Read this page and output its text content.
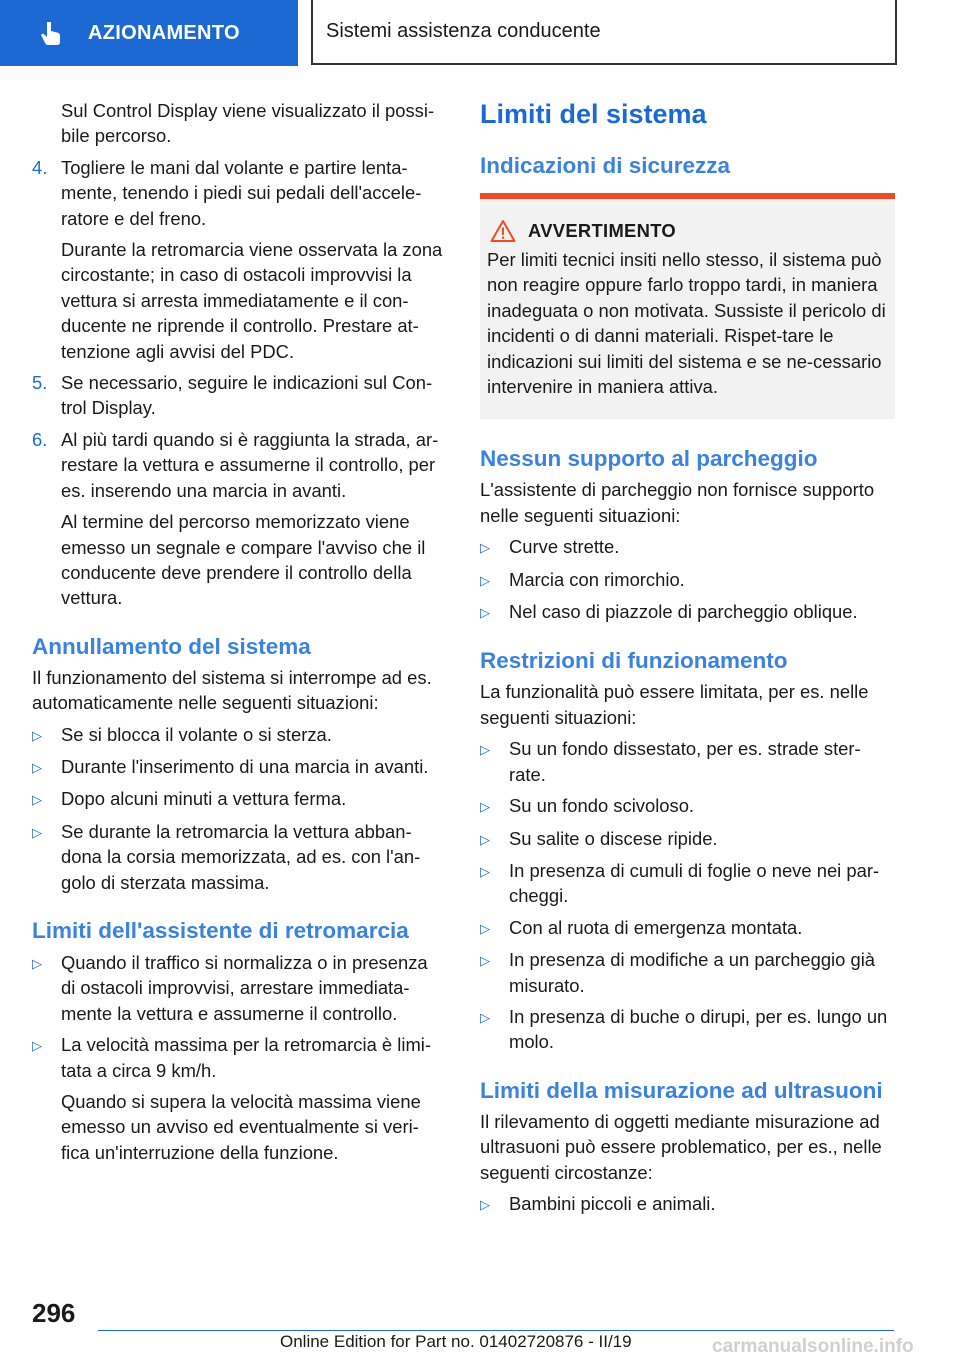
AZIONAMENTO	Sistemi assistenza conducente

Sul Control Display viene visualizzato il possi-bile percorso.

4. Togliere le mani dal volante e partire lenta-mente, tenendo i piedi sui pedali dell'accele-ratore e del freno.

Durante la retromarcia viene osservata la zona circostante; in caso di ostacoli improvvisi la vettura si arresta immediatamente e il con-ducente ne riprende il controllo. Prestare at-tenzione agli avvisi del PDC.

5. Se necessario, seguire le indicazioni sul Con-trol Display.
6. Al più tardi quando si è raggiunta la strada, ar-restare la vettura e assumerne il controllo, per es. inserendo una marcia in avanti.

Al termine del percorso memorizzato viene emesso un segnale e compare l'avviso che il conducente deve prendere il controllo della vettura.

Annullamento del sistema

Il funzionamento del sistema si interrompe ad es. automaticamente nelle seguenti situazioni:

▷	Se si blocca il volante o si sterza.
▷	Durante l'inserimento di una marcia in avanti.
▷	Dopo alcuni minuti a vettura ferma.
▷	Se durante la retromarcia la vettura abban-dona la corsia memorizzata, ad es. con l'an-golo di sterzata massima.
Limiti dell'assistente di retromarcia
▷	Quando il traffico si normalizza o in presenza di ostacoli improvvisi, arrestare immediata-mente la vettura e assumerne il controllo.
▷	La velocità massima per la retromarcia è limi-tata a circa 9 km/h.

Quando si supera la velocità massima viene emesso un avviso ed eventualmente si veri-fica un'interruzione della funzione.

Limiti del sistema
Indicazioni di sicurezza
AVVERTIMENTO

Per limiti tecnici insiti nello stesso, il sistema può non reagire oppure farlo troppo tardi, in maniera inadeguata o non motivata. Sussiste il pericolo di incidenti o di danni materiali. Rispet-tare le indicazioni sui limiti del sistema e se ne-cessario intervenire in maniera attiva.

Nessun supporto al parcheggio

L'assistente di parcheggio non fornisce supporto nelle seguenti situazioni:

▷	Curve strette.
▷	Marcia con rimorchio.
▷	Nel caso di piazzole di parcheggio oblique.
Restrizioni di funzionamento

La funzionalità può essere limitata, per es. nelle seguenti situazioni:

▷	Su un fondo dissestato, per es. strade ster-rate.
▷	Su un fondo scivoloso.
▷	Su salite o discese ripide.
▷	In presenza di cumuli di foglie o neve nei par-cheggi.
▷	Con al ruota di emergenza montata.
▷	In presenza di modifiche a un parcheggio già misurato.
▷	In presenza di buche o dirupi, per es. lungo un molo.
Limiti della misurazione ad ultrasuoni

Il rilevamento di oggetti mediante misurazione ad ultrasuoni può essere problematico, per es., nelle seguenti circostanze:

▷	Bambini piccoli e animali.
296
Online Edition for Part no. 01402720876 - II/19	carmanualsonline.info
